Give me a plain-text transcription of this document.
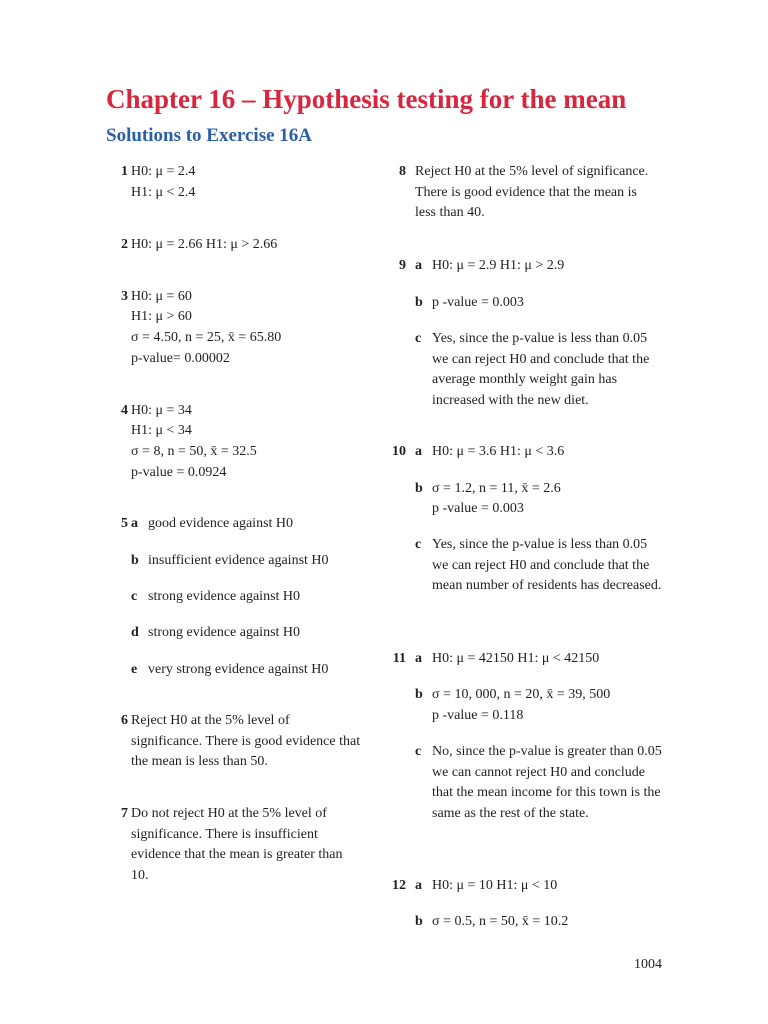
Chapter 16 – Hypothesis testing for the mean
Solutions to Exercise 16A
1 H0: μ = 2.4
H1: μ < 2.4
2 H0: μ = 2.66 H1: μ > 2.66
3 H0: μ = 60
H1: μ > 60
σ = 4.50, n = 25, x̄ = 65.80
p-value= 0.00002
4 H0: μ = 34
H1: μ < 34
σ = 8, n = 50, x̄ = 32.5
p-value = 0.0924
5 a good evidence against H0
b insufficient evidence against H0
c strong evidence against H0
d strong evidence against H0
e very strong evidence against H0
6 Reject H0 at the 5% level of significance. There is good evidence that the mean is less than 50.
7 Do not reject H0 at the 5% level of significance. There is insufficient evidence that the mean is greater than 10.
8 Reject H0 at the 5% level of significance. There is good evidence that the mean is less than 40.
9 a H0: μ = 2.9 H1: μ > 2.9
b p -value = 0.003
c Yes, since the p-value is less than 0.05 we can reject H0 and conclude that the average monthly weight gain has increased with the new diet.
10 a H0: μ = 3.6 H1: μ < 3.6
b σ = 1.2, n = 11, x̄ = 2.6
p -value = 0.003
c Yes, since the p-value is less than 0.05 we can reject H0 and conclude that the mean number of residents has decreased.
11 a H0: μ = 42150 H1: μ < 42150
b σ = 10, 000, n = 20, x̄ = 39, 500
p -value = 0.118
c No, since the p-value is greater than 0.05 we can cannot reject H0 and conclude that the mean income for this town is the same as the rest of the state.
12 a H0: μ = 10 H1: μ < 10
b σ = 0.5, n = 50, x̄ = 10.2
1004
